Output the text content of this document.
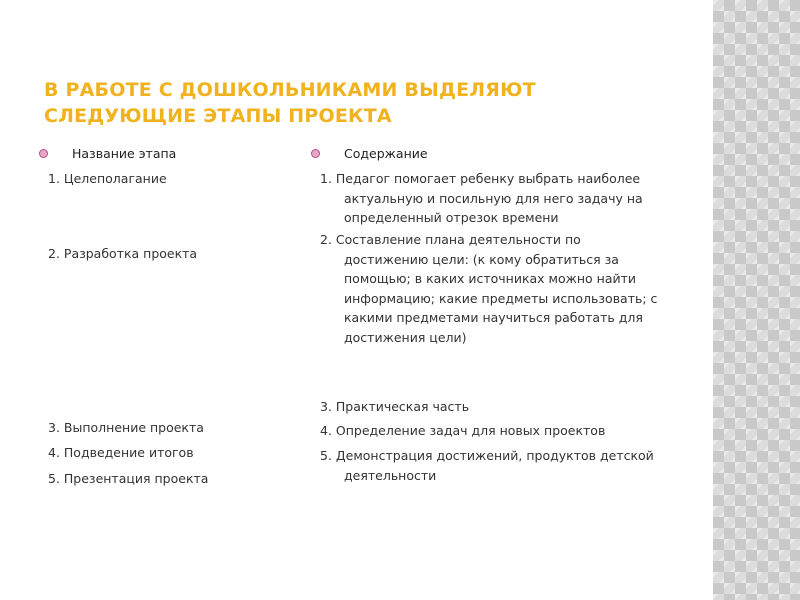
В РАБОТЕ С ДОШКОЛЬНИКАМИ ВЫДЕЛЯЮТ СЛЕДУЮЩИЕ ЭТАПЫ ПРОЕКТА
Название этапа
1. Целеполагание
2. Разработка проекта
3. Выполнение проекта
4. Подведение итогов
5. Презентация проекта
Содержание
1. Педагог помогает ребенку выбрать наиболее актуальную и посильную для него задачу на определенный отрезок времени
2. Составление плана деятельности по достижению цели: (к кому обратиться за помощью; в каких источниках можно найти информацию; какие предметы использовать; с какими предметами научиться работать для достижения цели)
3. Практическая часть
4. Определение задач для новых проектов
5. Демонстрация достижений, продуктов детской деятельности
